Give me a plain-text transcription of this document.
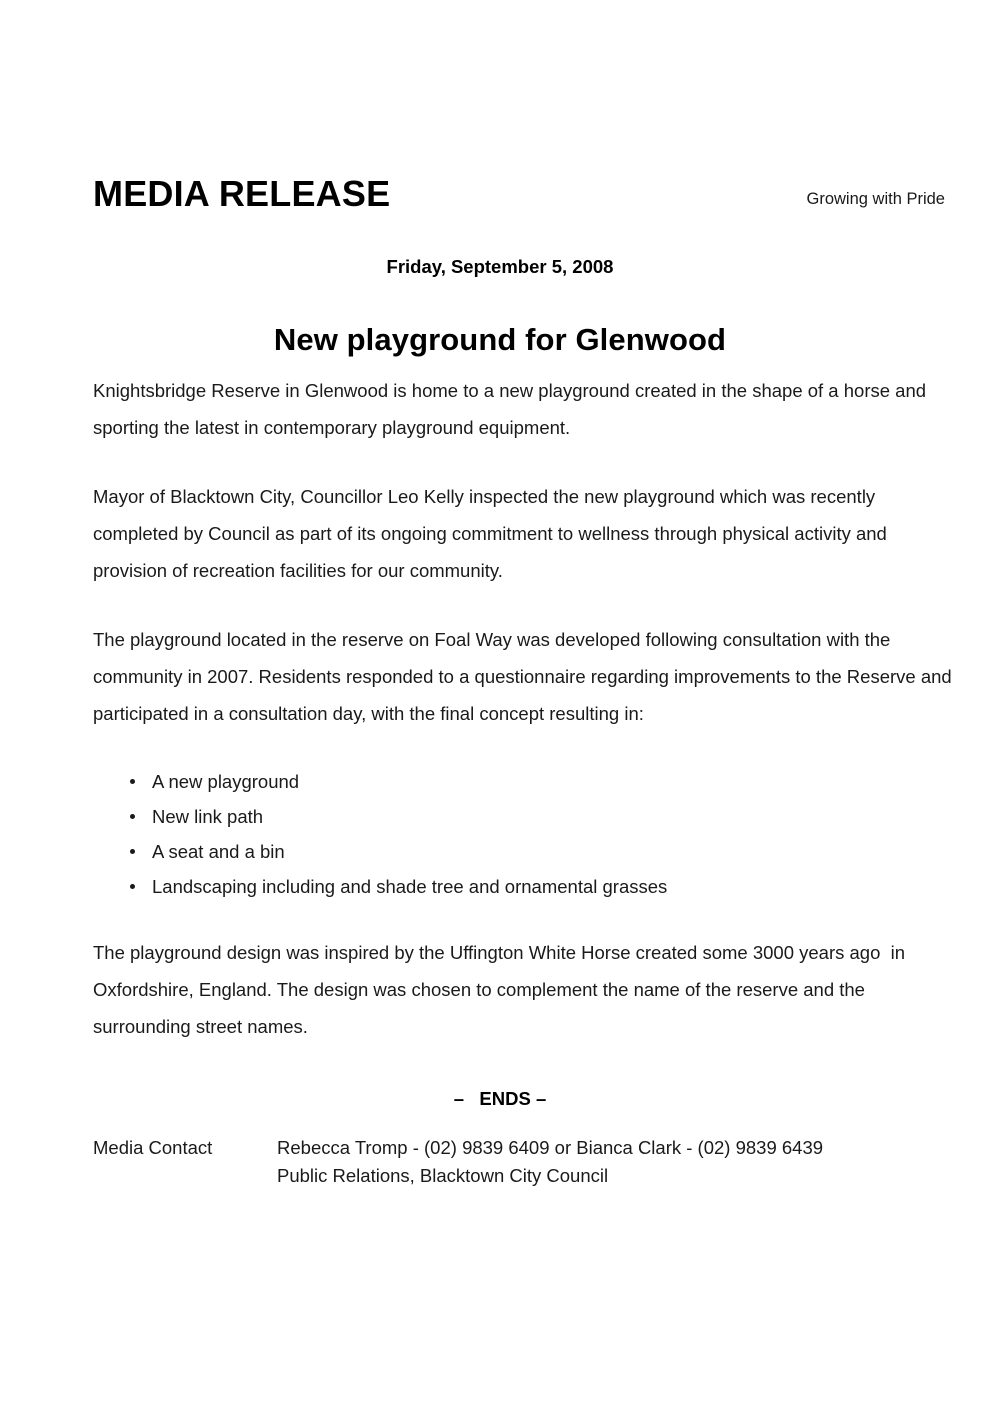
MEDIA RELEASE	Growing with Pride
Friday, September 5, 2008
New playground for Glenwood

Knightsbridge Reserve in Glenwood is home to a new playground created in the shape of a horse and sporting the latest in contemporary playground equipment.

Mayor of Blacktown City, Councillor Leo Kelly inspected the new playground which was recently completed by Council as part of its ongoing commitment to wellness through physical activity and provision of recreation facilities for our community.

The playground located in the reserve on Foal Way was developed following consultation with the community in 2007. Residents responded to a questionnaire regarding improvements to the Reserve and participated in a consultation day, with the final concept resulting in:

A new playground
New link path
A seat and a bin
Landscaping including and shade tree and ornamental grasses

The playground design was inspired by the Uffington White Horse created some 3000 years ago  in Oxfordshire, England. The design was chosen to complement the name of the reserve and the surrounding street names.

–   ENDS –
Media Contact	Rebecca Tromp - (02) 9839 6409 or Bianca Clark - (02) 9839 6439
Public Relations, Blacktown City Council
